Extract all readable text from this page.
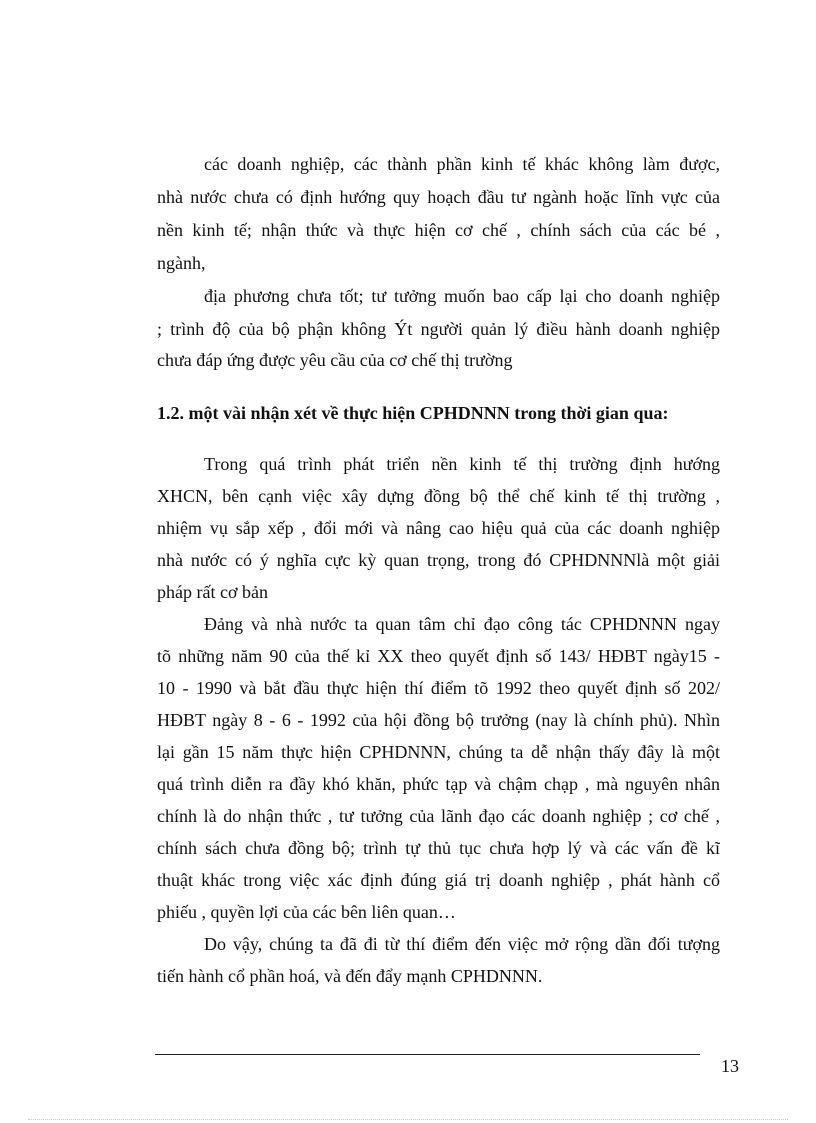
các doanh nghiệp, các thành phần kinh tế khác không làm được,
nhà nước chưa có định hướng quy hoạch đầu tư ngành hoặc lĩnh vực của
nền kinh tế; nhận thức và thực hiện cơ chế , chính sách của các bé ,
ngành,
địa phương chưa tốt; tư tưởng muốn bao cấp lại cho doanh nghiệp
; trình độ của bộ phận không Ýt người quản lý điều hành doanh nghiệp
chưa đáp ứng được yêu cầu của cơ chế thị trường
1.2. một vài nhận xét về thực hiện CPHDNNN trong thời gian qua:
Trong quá trình phát triển nền kinh tế thị trường định hướng
XHCN, bên cạnh việc xây dựng đồng bộ thể chế kinh tế thị trường ,
nhiệm vụ sắp xếp , đổi mới và nâng cao hiệu quả của các doanh nghiệp
nhà nước có ý nghĩa cực kỳ quan trọng, trong đó CPHDNNNlà một giải
pháp rất cơ bản
Đảng và nhà nước ta quan tâm chỉ đạo công tác CPHDNNN ngay
tõ những năm 90 của thế kỉ XX theo quyết định số 143/ HĐBT ngày15 -
10 - 1990 và bắt đầu thực hiện thí điểm tõ 1992 theo quyết định số 202/
HĐBT ngày 8 - 6 - 1992 của hội đồng bộ trưởng (nay là chính phủ). Nhìn
lại gần 15 năm thực hiện CPHDNNN, chúng ta dễ nhận thấy đây là một
quá trình diễn ra đầy khó khăn, phức tạp và chậm chạp , mà nguyên nhân
chính là do nhận thức , tư tưởng của lãnh đạo các doanh nghiệp ; cơ chế ,
chính sách chưa đồng bộ; trình tự thủ tục chưa hợp lý và các vấn đề kĩ
thuật khác trong việc xác định đúng giá trị doanh nghiệp , phát hành cổ
phiếu , quyền lợi của các bên liên quan…
Do vậy, chúng ta đã đi từ thí điểm đến việc mở rộng dần đối tượng
tiến hành cổ phần hoá, và đến đẩy mạnh CPHDNNN.
13
